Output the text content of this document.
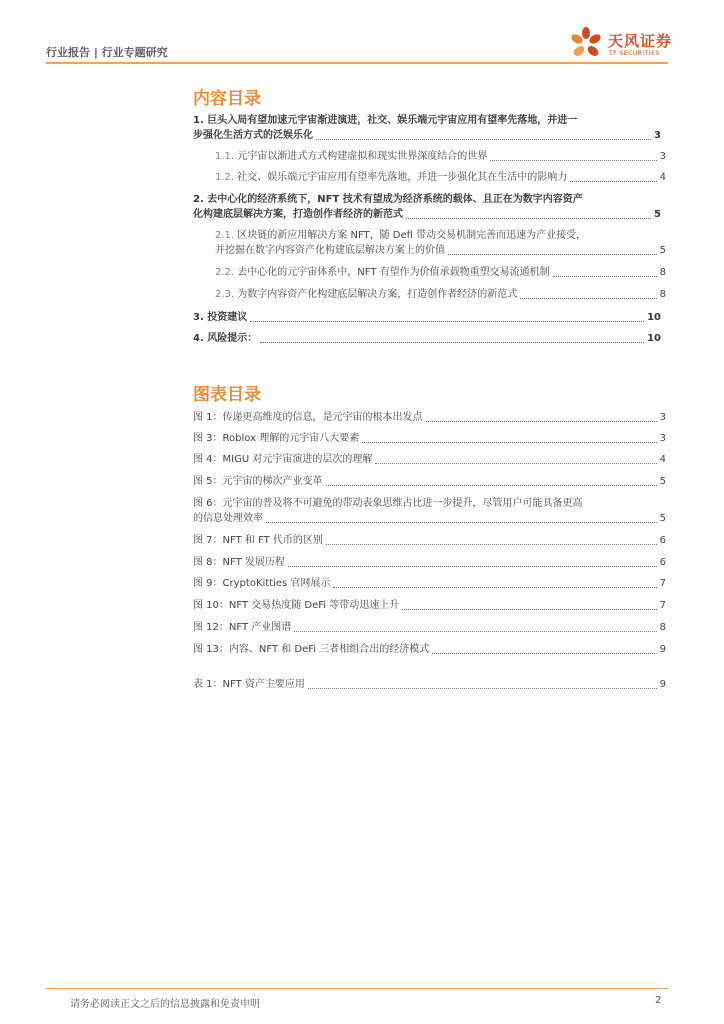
行业报告 | 行业专题研究
天风证券
TF SECURITIES
内容目录
1. 巨头入局有望加速元宇宙渐进演进，社交、娱乐端元宇宙应用有望率先落地，并进一
步强化生活方式的泛娱乐化	3
1.1. 元宇宙以渐进式方式构建虚拟和现实世界深度结合的世界	3
1.2. 社交、娱乐端元宇宙应用有望率先落地，并进一步强化其在生活中的影响力	4
2. 去中心化的经济系统下，NFT 技术有望成为经济系统的载体、且正在为数字内容资产
化构建底层解决方案，打造创作者经济的新范式	5
2.1. 区块链的新应用解决方案 NFT，随 Defi 带动交易机制完善而迅速为产业接受，
并挖掘在数字内容资产化构建底层解决方案上的价值	5
2.2. 去中心化的元宇宙体系中，NFT 有望作为价值承载物重塑交易流通机制	8
2.3. 为数字内容资产化构建底层解决方案，打造创作者经济的新范式	8
3. 投资建议	10
4. 风险提示：	10
图表目录
图 1：传递更高维度的信息，是元宇宙的根本出发点	3
图 3：Roblox 理解的元宇宙八大要素	3
图 4：MIGU 对元宇宙演进的层次的理解	4
图 5：元宇宙的梯次产业变革	5
图 6：元宇宙的普及将不可避免的带动表象思维占比进一步提升，尽管用户可能具备更高
的信息处理效率	5
图 7：NFT 和 FT 代币的区别	6
图 8：NFT 发展历程	6
图 9：CryptoKitties 官网展示	7
图 10：NFT 交易热度随 DeFi 等带动迅速上升	7
图 12：NFT 产业图谱	8
图 13：内容、NFT 和 DeFi 三者相组合出的经济模式	9
表 1：NFT 资产主要应用	9
请务必阅读正文之后的信息披露和免责申明	2
